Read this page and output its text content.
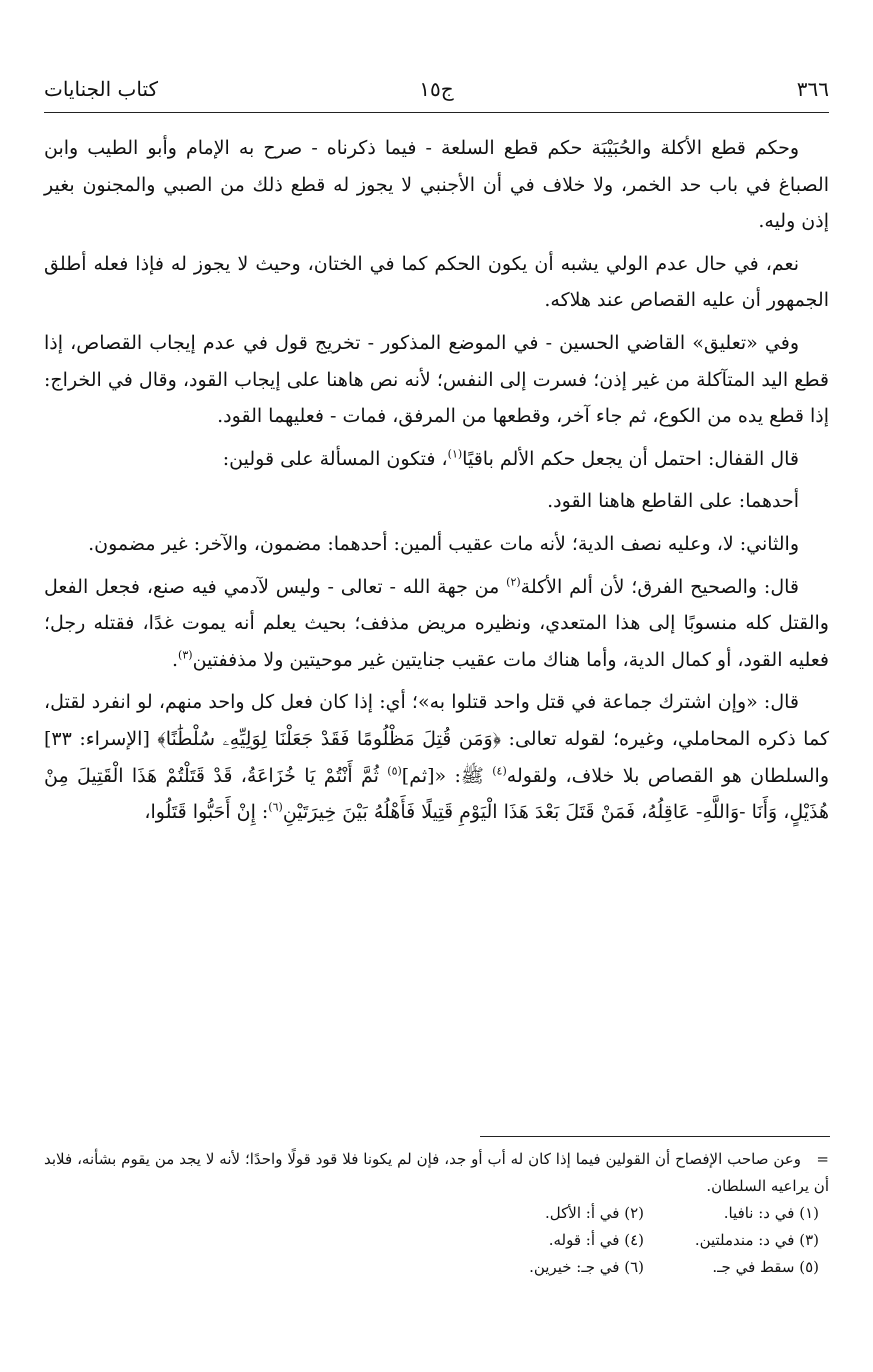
٣٦٦
ج١٥
كتاب الجنايات

وحكم قطع الأكلة والحُبَيْبَة حكم قطع السلعة - فيما ذكرناه - صرح به الإمام وأبو الطيب وابن الصباغ في باب حد الخمر، ولا خلاف في أن الأجنبي لا يجوز له قطع ذلك من الصبي والمجنون بغير إذن وليه.

نعم، في حال عدم الولي يشبه أن يكون الحكم كما في الختان، وحيث لا يجوز له فإذا فعله أطلق الجمهور أن عليه القصاص عند هلاكه.

وفي «تعليق» القاضي الحسين - في الموضع المذكور - تخريج قول في عدم إيجاب القصاص، إذا قطع اليد المتآكلة من غير إذن؛ فسرت إلى النفس؛ لأنه نص هاهنا على إيجاب القود، وقال في الخراج: إذا قطع يده من الكوع، ثم جاء آخر، وقطعها من المرفق، فمات - فعليهما القود.

قال القفال: احتمل أن يجعل حكم الألم باقيًا$^{(١)}$، فتكون المسألة على قولين:

أحدهما: على القاطع هاهنا القود.

والثاني: لا، وعليه نصف الدية؛ لأنه مات عقيب ألمين: أحدهما: مضمون، والآخر: غير مضمون.

قال: والصحيح الفرق؛ لأن ألم الأكلة$^{(٢)}$ من جهة الله - تعالى - وليس لآدمي فيه صنع، فجعل الفعل والقتل كله منسوبًا إلى هذا المتعدي، ونظيره مريض مذفف؛ بحيث يعلم أنه يموت غدًا، فقتله رجل؛ فعليه القود، أو كمال الدية، وأما هناك مات عقيب جنايتين غير موحيتين ولا مذففتين$^{(٣)}$.

قال: «وإن اشترك جماعة في قتل واحد قتلوا به»؛ أي: إذا كان فعل كل واحد منهم، لو انفرد لقتل، كما ذكره المحاملي، وغيره؛ لقوله تعالى: ﴿وَمَن قُتِلَ مَظْلُومًا فَقَدْ جَعَلْنَا لِوَلِيِّهِۦ سُلْطَٰنًا﴾ [الإسراء: ٣٣] والسلطان هو القصاص بلا خلاف، ولقوله$^{(٤)}$ ﷺ: «[ثم]$^{(٥)}$ ثُمَّ أَنْتُمْ يَا خُزَاعَةُ، قَدْ قَتَلْتُمْ هَذَا الْقَتِيلَ مِنْ هُذَيْلٍ، وَأَنَا -وَاللَّهِ- عَاقِلُهُ، فَمَنْ قَتَلَ بَعْدَ هَذَا الْيَوْمِ قَتِيلًا فَأَهْلُهُ بَيْنَ خِيرَتَيْنِ$^{(٦)}$: إِنْ أَحَبُّوا قَتَلُوا،

=وعن صاحب الإفصاح أن القولين فيما إذا كان له أب أو جد، فإن لم يكونا فلا قود قولًا واحدًا؛ لأنه لا يجد من يقوم بشأنه، فلابد أن يراعيه السلطان.

(١) في د: نافيا.
(٢) في أ: الأكل.
(٣) في د: مندملتين.
(٤) في أ: قوله.
(٥) سقط في جـ.
(٦) في جـ: خيرين.
